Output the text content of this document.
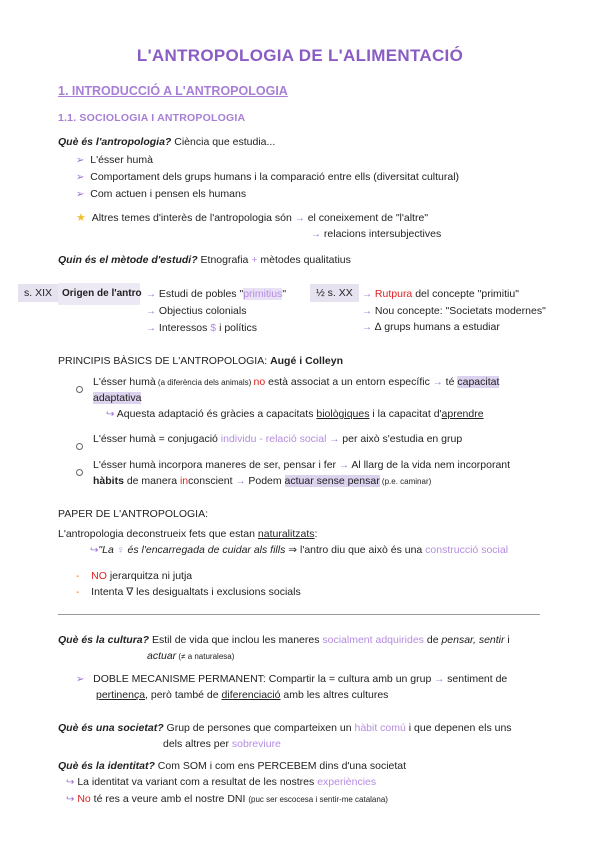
L'ANTROPOLOGIA DE L'ALIMENTACIÓ
1. INTRODUCCIÓ A L'ANTROPOLOGIA
1.1. SOCIOLOGIA I ANTROPOLOGIA
Què és l'antropologia? Ciència que estudia...
➢ L'ésser humà
➢ Comportament dels grups humans i la comparació entre ells (diversitat cultural)
➢ Com actuen i pensen els humans
★ Altres temes d'interès de l'antropologia són → el coneixement de "l'altre"
→ relacions intersubjectives
Quin és el mètode d'estudi? Etnografia + mètodes qualitatius
s. XIX Origen de l'antro → Estudi de pobles "primitius"
→ Objectius colonials
→ Interessos $ i polítics
½ s. XX → Rutpura del concepte "primitiu"
→ Nou concepte: "Societats modernes"
→ ∆ grups humans a estudiar
PRINCIPIS BÀSICS DE L'ANTROPOLOGIA: Augé i Colleyn
L'ésser humà (a diferència dels animals) no està associat a un entorn específic → té capacitat
adaptativa
↪ Aquesta adaptació és gràcies a capacitats biològiques i la capacitat d'aprendre
L'ésser humà = conjugació individu - relació social → per això s'estudia en grup
L'ésser humà incorpora maneres de ser, pensar i fer → Al llarg de la vida nem incorporant
hàbits de manera inconscient → Podem actuar sense pensar (p.e. caminar)
PAPER DE L'ANTROPOLOGIA:
L'antropologia deconstrueix fets que estan naturalitzats:
↪"La ♀ és l'encarregada de cuidar als fills ⇒ l'antro diu que això és una construcció social
- NO jerarquitza ni jutja
- Intenta ∇ les desigualtats i exclusions socials
Què és la cultura? Estil de vida que inclou les maneres socialment adquirides de pensar, sentir i
actuar (≠ a naturalesa)
➢ DOBLE MECANISME PERMANENT: Compartir la = cultura amb un grup → sentiment de
pertinença, però també de diferenciació amb les altres cultures
Què és una societat? Grup de persones que comparteixen un hàbit comú i que depenen els uns
dels altres per sobreviure
Què és la identitat? Com SOM i com ens PERCEBEM dins d'una societat
↪ La identitat va variant com a resultat de les nostres experiències
↪ No té res a veure amb el nostre DNI (puc ser escocesa i sentir-me catalana)
